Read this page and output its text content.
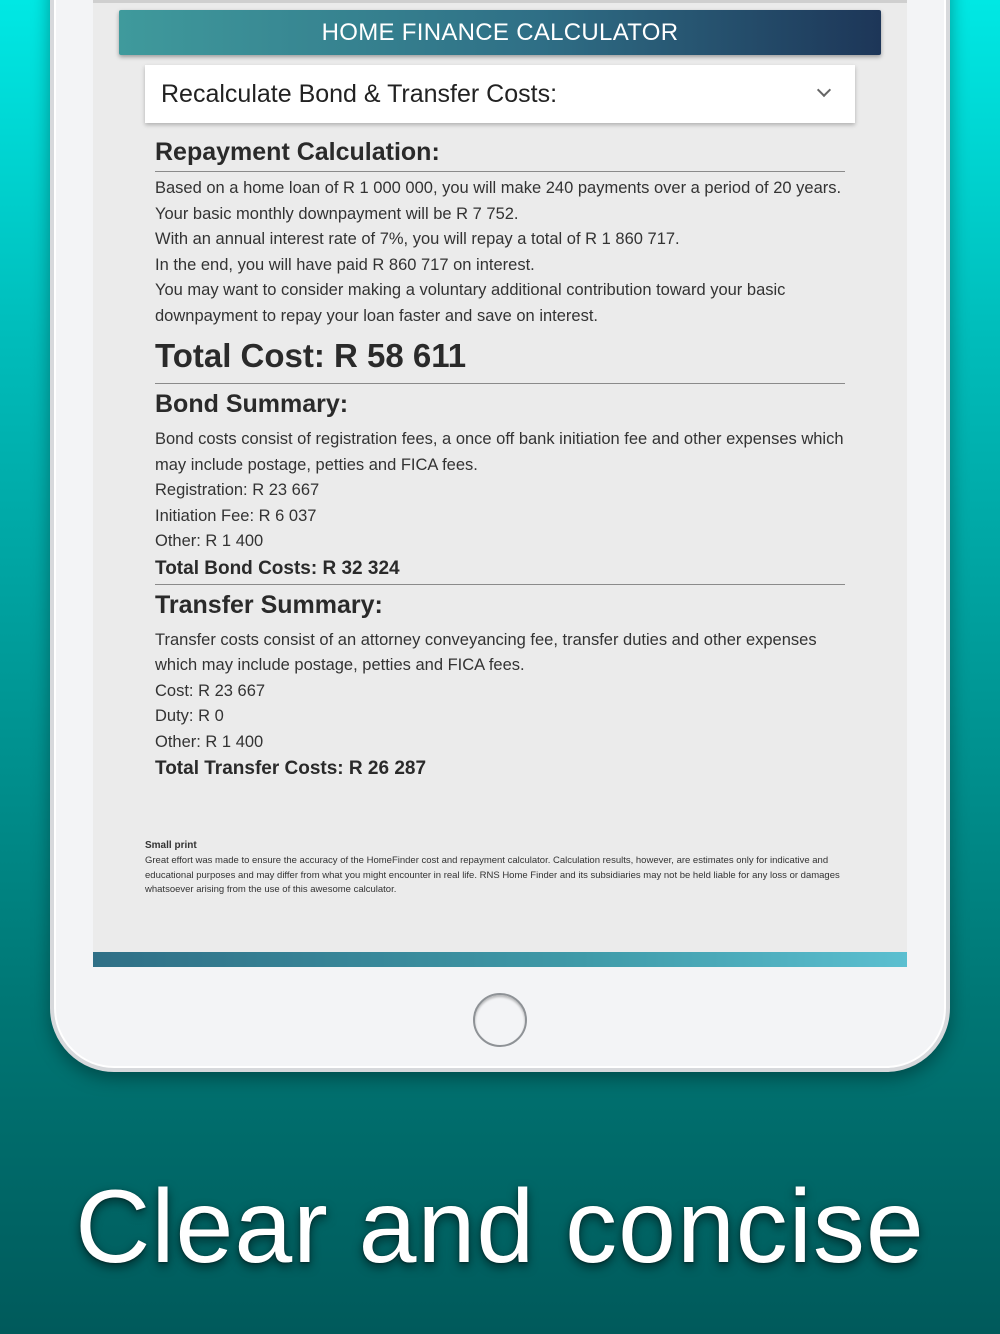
HOME FINANCE CALCULATOR
Recalculate Bond & Transfer Costs:
Repayment Calculation:
Based on a home loan of R 1 000 000, you will make 240 payments over a period of 20 years.
Your basic monthly downpayment will be R 7 752.
With an annual interest rate of 7%, you will repay a total of R 1 860 717.
In the end, you will have paid R 860 717 on interest.
You may want to consider making a voluntary additional contribution toward your basic downpayment to repay your loan faster and save on interest.
Total Cost: R 58 611
Bond Summary:
Bond costs consist of registration fees, a once off bank initiation fee and other expenses which may include postage, petties and FICA fees.
Registration: R 23 667
Initiation Fee: R 6 037
Other: R 1 400
Total Bond Costs: R 32 324
Transfer Summary:
Transfer costs consist of an attorney conveyancing fee, transfer duties and other expenses which may include postage, petties and FICA fees.
Cost: R 23 667
Duty: R 0
Other: R 1 400
Total Transfer Costs: R 26 287
Small print
Great effort was made to ensure the accuracy of the HomeFinder cost and repayment calculator. Calculation results, however, are estimates only for indicative and educational purposes and may differ from what you might encounter in real life. RNS Home Finder and its subsidiaries may not be held liable for any loss or damages whatsoever arising from the use of this awesome calculator.
Clear and concise
